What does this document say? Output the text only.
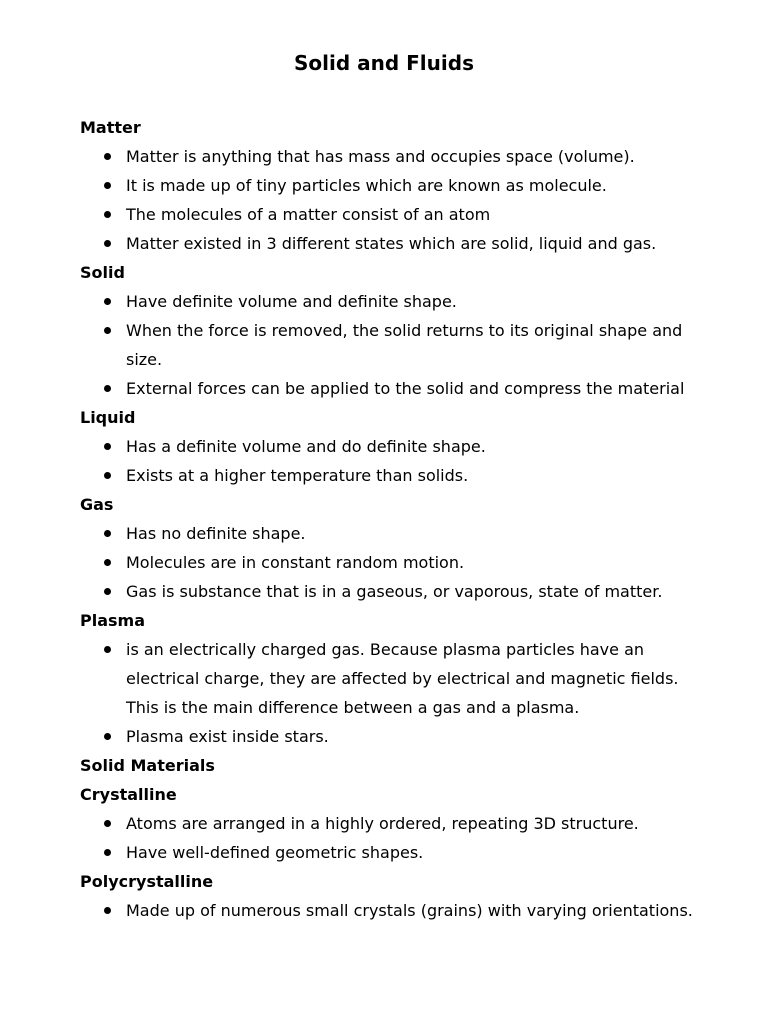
Solid and Fluids
Matter
Matter is anything that has mass and occupies space (volume).
It is made up of tiny particles which are known as molecule.
The molecules of a matter consist of an atom
Matter existed in 3 different states which are solid, liquid and gas.
Solid
Have definite volume and definite shape.
When the force is removed, the solid returns to its original shape and size.
External forces can be applied to the solid and compress the material
Liquid
Has a definite volume and do definite shape.
Exists at a higher temperature than solids.
Gas
Has no definite shape.
Molecules are in constant random motion.
Gas is substance that is in a gaseous, or vaporous, state of matter.
Plasma
is an electrically charged gas. Because plasma particles have an electrical charge, they are affected by electrical and magnetic fields. This is the main difference between a gas and a plasma.
Plasma exist inside stars.
Solid Materials
Crystalline
Atoms are arranged in a highly ordered, repeating 3D structure.
Have well-defined geometric shapes.
Polycrystalline
Made up of numerous small crystals (grains) with varying orientations.
